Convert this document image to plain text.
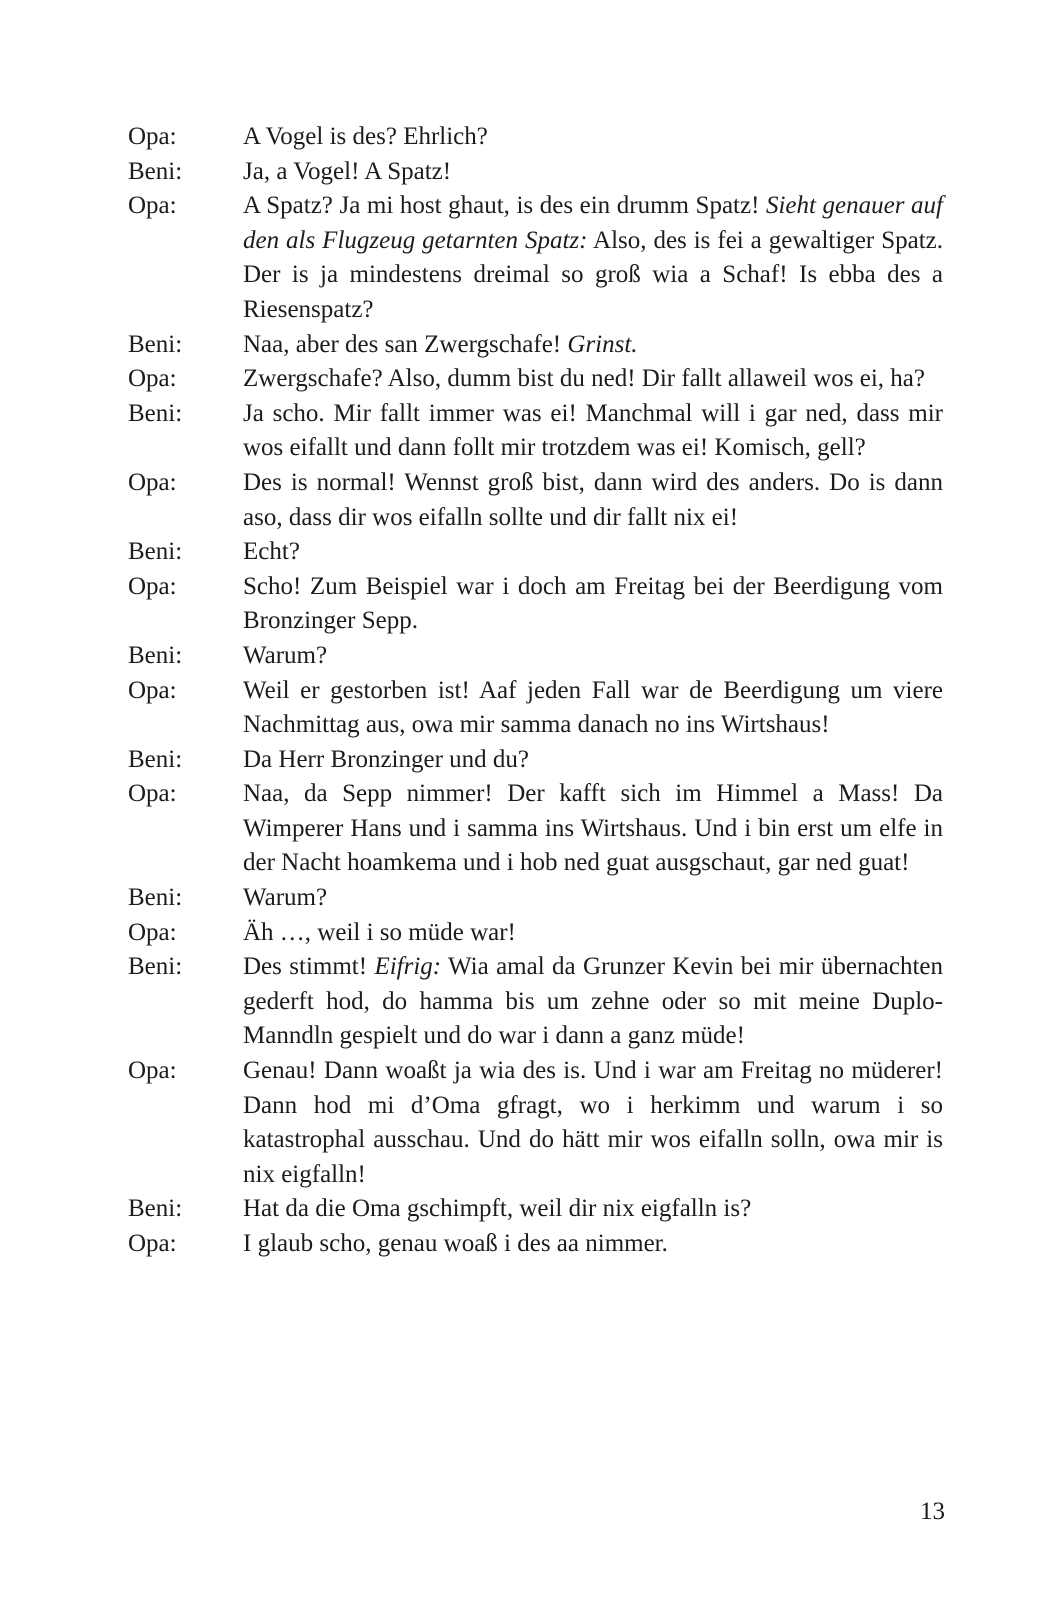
Opa:	A Vogel is des? Ehrlich?
Beni:	Ja, a Vogel! A Spatz!
Opa:	A Spatz? Ja mi host ghaut, is des ein drumm Spatz! Sieht genauer auf den als Flugzeug getarnten Spatz: Also, des is fei a gewaltiger Spatz. Der is ja mindestens dreimal so groß wia a Schaf! Is ebba des a Riesenspatz?
Beni:	Naa, aber des san Zwergschafe! Grinst.
Opa:	Zwergschafe? Also, dumm bist du ned! Dir fallt allaweil wos ei, ha?
Beni:	Ja scho. Mir fallt immer was ei! Manchmal will i gar ned, dass mir wos eifallt und dann follt mir trotzdem was ei! Komisch, gell?
Opa:	Des is normal! Wennst groß bist, dann wird des anders. Do is dann aso, dass dir wos eifalln sollte und dir fallt nix ei!
Beni:	Echt?
Opa:	Scho! Zum Beispiel war i doch am Freitag bei der Beerdigung vom Bronzinger Sepp.
Beni:	Warum?
Opa:	Weil er gestorben ist! Aaf jeden Fall war de Beerdigung um viere Nachmittag aus, owa mir samma danach no ins Wirtshaus!
Beni:	Da Herr Bronzinger und du?
Opa:	Naa, da Sepp nimmer! Der kafft sich im Himmel a Mass! Da Wimperer Hans und i samma ins Wirtshaus. Und i bin erst um elfe in der Nacht hoamkema und i hob ned guat ausgschaut, gar ned guat!
Beni:	Warum?
Opa:	Äh …, weil i so müde war!
Beni:	Des stimmt! Eifrig: Wia amal da Grunzer Kevin bei mir übernachten gederft hod, do hamma bis um zehne oder so mit meine Duplo-Manndln gespielt und do war i dann a ganz müde!
Opa:	Genau! Dann woaßt ja wia des is. Und i war am Freitag no müderer! Dann hod mi d’Oma gfragt, wo i herkimm und warum i so katastrophal ausschau. Und do hätt mir wos eifalln solln, owa mir is nix eigfalln!
Beni:	Hat da die Oma gschimpft, weil dir nix eigfalln is?
Opa:	I glaub scho, genau woaß i des aa nimmer.
13
